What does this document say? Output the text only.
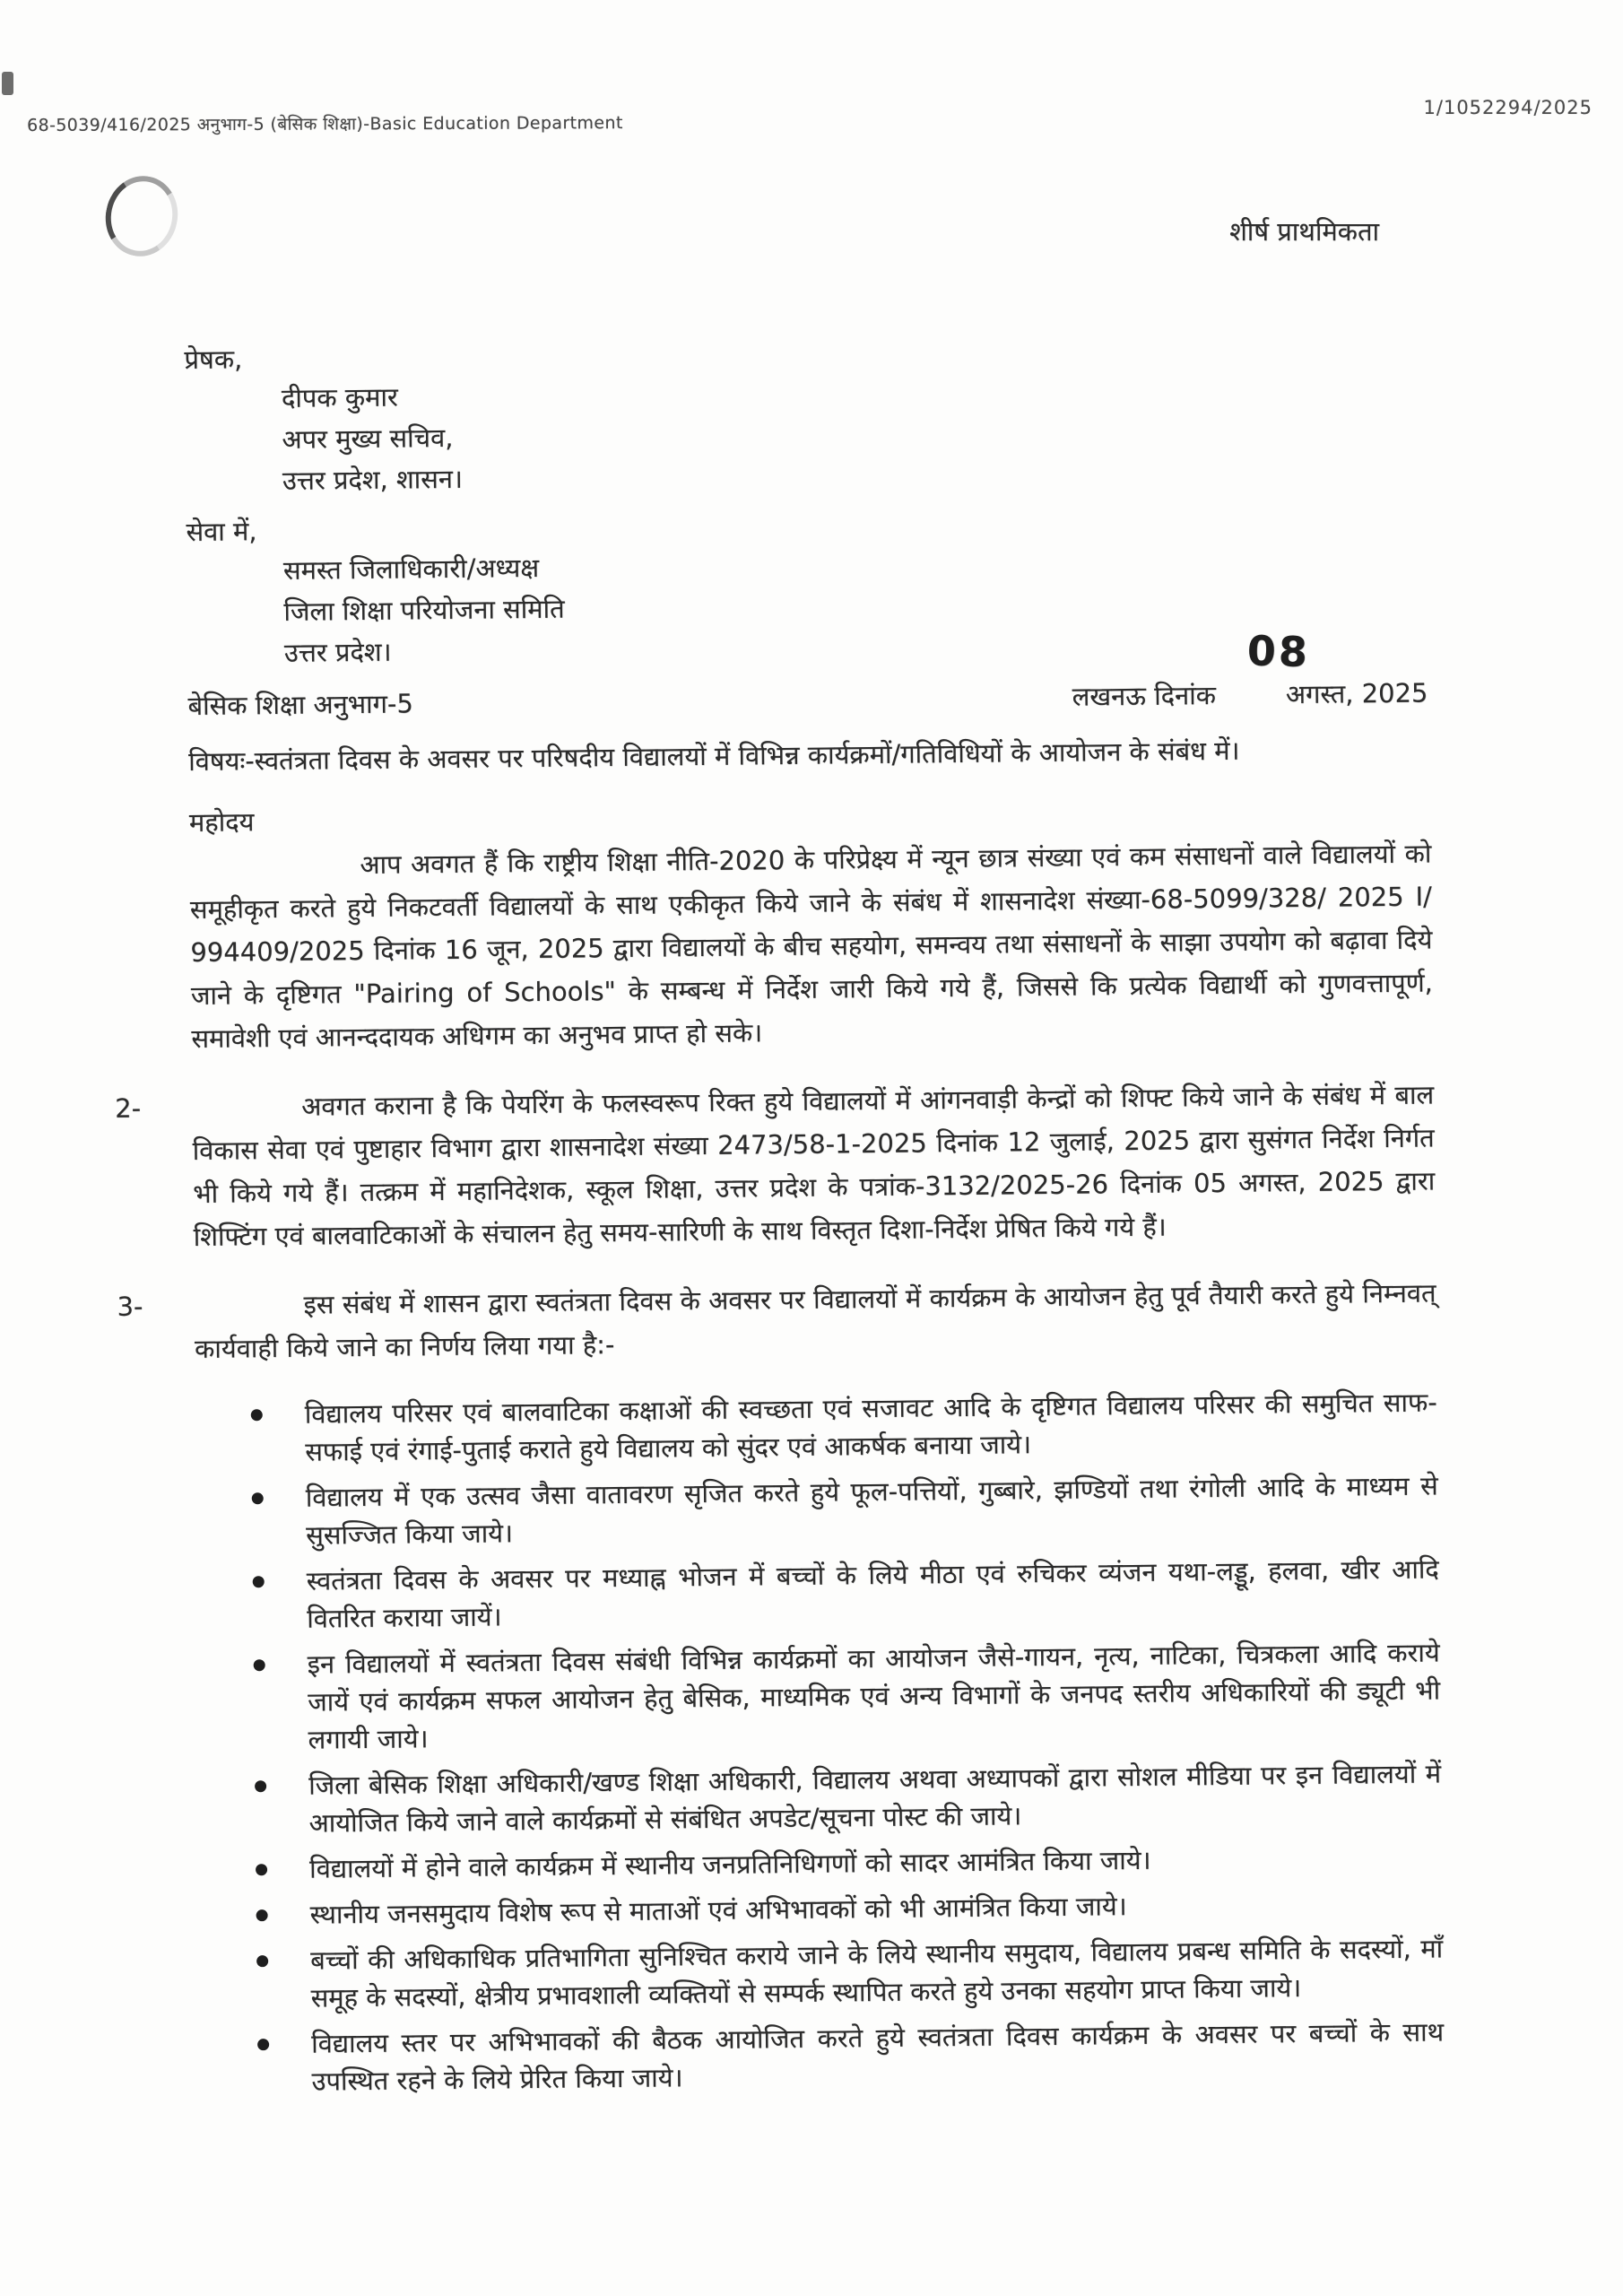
68-5039/416/2025 अनुभाग-5 (बेसिक शिक्षा)-Basic Education Department
1/1052294/2025
शीर्ष प्राथमिकता
प्रेषक,
दीपक कुमार
अपर मुख्य सचिव,
उत्तर प्रदेश, शासन।
सेवा में,
समस्त जिलाधिकारी/अध्यक्ष
जिला शिक्षा परियोजना समिति
उत्तर प्रदेश।
बेसिक शिक्षा अनुभाग-5	लखनऊ दिनांक	अगस्त, 2025
08
विषयः-स्वतंत्रता दिवस के अवसर पर परिषदीय विद्यालयों में विभिन्न कार्यक्रमों/गतिविधियों के आयोजन के संबंध में।
महोदय

आप अवगत हैं कि राष्ट्रीय शिक्षा नीति-2020 के परिप्रेक्ष्य में न्यून छात्र संख्या एवं कम संसाधनों वाले विद्यालयों को समूहीकृत करते हुये निकटवर्ती विद्यालयों के साथ एकीकृत किये जाने के संबंध में शासनादेश संख्या-68-5099/328/ 2025 I/ 994409/2025 दिनांक 16 जून, 2025 द्वारा विद्यालयों के बीच सहयोग, समन्वय तथा संसाधनों के साझा उपयोग को बढ़ावा दिये जाने के दृष्टिगत "Pairing of Schools" के सम्बन्ध में निर्देश जारी किये गये हैं, जिससे कि प्रत्येक विद्यार्थी को गुणवत्तापूर्ण, समावेशी एवं आनन्ददायक अधिगम का अनुभव प्राप्त हो सके।

2-	अवगत कराना है कि पेयरिंग के फलस्वरूप रिक्त हुये विद्यालयों में आंगनवाड़ी केन्द्रों को शिफ्ट किये जाने के संबंध में बाल विकास सेवा एवं पुष्टाहार विभाग द्वारा शासनादेश संख्या 2473/58-1-2025 दिनांक 12 जुलाई, 2025 द्वारा सुसंगत निर्देश निर्गत भी किये गये हैं। तत्क्रम में महानिदेशक, स्कूल शिक्षा, उत्तर प्रदेश के पत्रांक-3132/2025-26 दिनांक 05 अगस्त, 2025 द्वारा शिफ्टिंग एवं बालवाटिकाओं के संचालन हेतु समय-सारिणी के साथ विस्तृत दिशा-निर्देश प्रेषित किये गये हैं।

3-	इस संबंध में शासन द्वारा स्वतंत्रता दिवस के अवसर पर विद्यालयों में कार्यक्रम के आयोजन हेतु पूर्व तैयारी करते हुये निम्नवत् कार्यवाही किये जाने का निर्णय लिया गया है:-

विद्यालय परिसर एवं बालवाटिका कक्षाओं की स्वच्छता एवं सजावट आदि के दृष्टिगत विद्यालय परिसर की समुचित साफ-सफाई एवं रंगाई-पुताई कराते हुये विद्यालय को सुंदर एवं आकर्षक बनाया जाये।
विद्यालय में एक उत्सव जैसा वातावरण सृजित करते हुये फूल-पत्तियों, गुब्बारे, झण्डियों तथा रंगोली आदि के माध्यम से सुसज्जित किया जाये।
स्वतंत्रता दिवस के अवसर पर मध्याह्न भोजन में बच्चों के लिये मीठा एवं रुचिकर व्यंजन यथा-लड्डू, हलवा, खीर आदि वितरित कराया जायें।
इन विद्यालयों में स्वतंत्रता दिवस संबंधी विभिन्न कार्यक्रमों का आयोजन जैसे-गायन, नृत्य, नाटिका, चित्रकला आदि कराये जायें एवं कार्यक्रम सफल आयोजन हेतु बेसिक, माध्यमिक एवं अन्य विभागों के जनपद स्तरीय अधिकारियों की ड्यूटी भी लगायी जाये।
जिला बेसिक शिक्षा अधिकारी/खण्ड शिक्षा अधिकारी, विद्यालय अथवा अध्यापकों द्वारा सोशल मीडिया पर इन विद्यालयों में आयोजित किये जाने वाले कार्यक्रमों से संबंधित अपडेट/सूचना पोस्ट की जाये।
विद्यालयों में होने वाले कार्यक्रम में स्थानीय जनप्रतिनिधिगणों को सादर आमंत्रित किया जाये।
स्थानीय जनसमुदाय विशेष रूप से माताओं एवं अभिभावकों को भी आमंत्रित किया जाये।
बच्चों की अधिकाधिक प्रतिभागिता सुनिश्चित कराये जाने के लिये स्थानीय समुदाय, विद्यालय प्रबन्ध समिति के सदस्यों, माँ समूह के सदस्यों, क्षेत्रीय प्रभावशाली व्यक्तियों से सम्पर्क स्थापित करते हुये उनका सहयोग प्राप्त किया जाये।
विद्यालय स्तर पर अभिभावकों की बैठक आयोजित करते हुये स्वतंत्रता दिवस कार्यक्रम के अवसर पर बच्चों के साथ उपस्थित रहने के लिये प्रेरित किया जाये।
